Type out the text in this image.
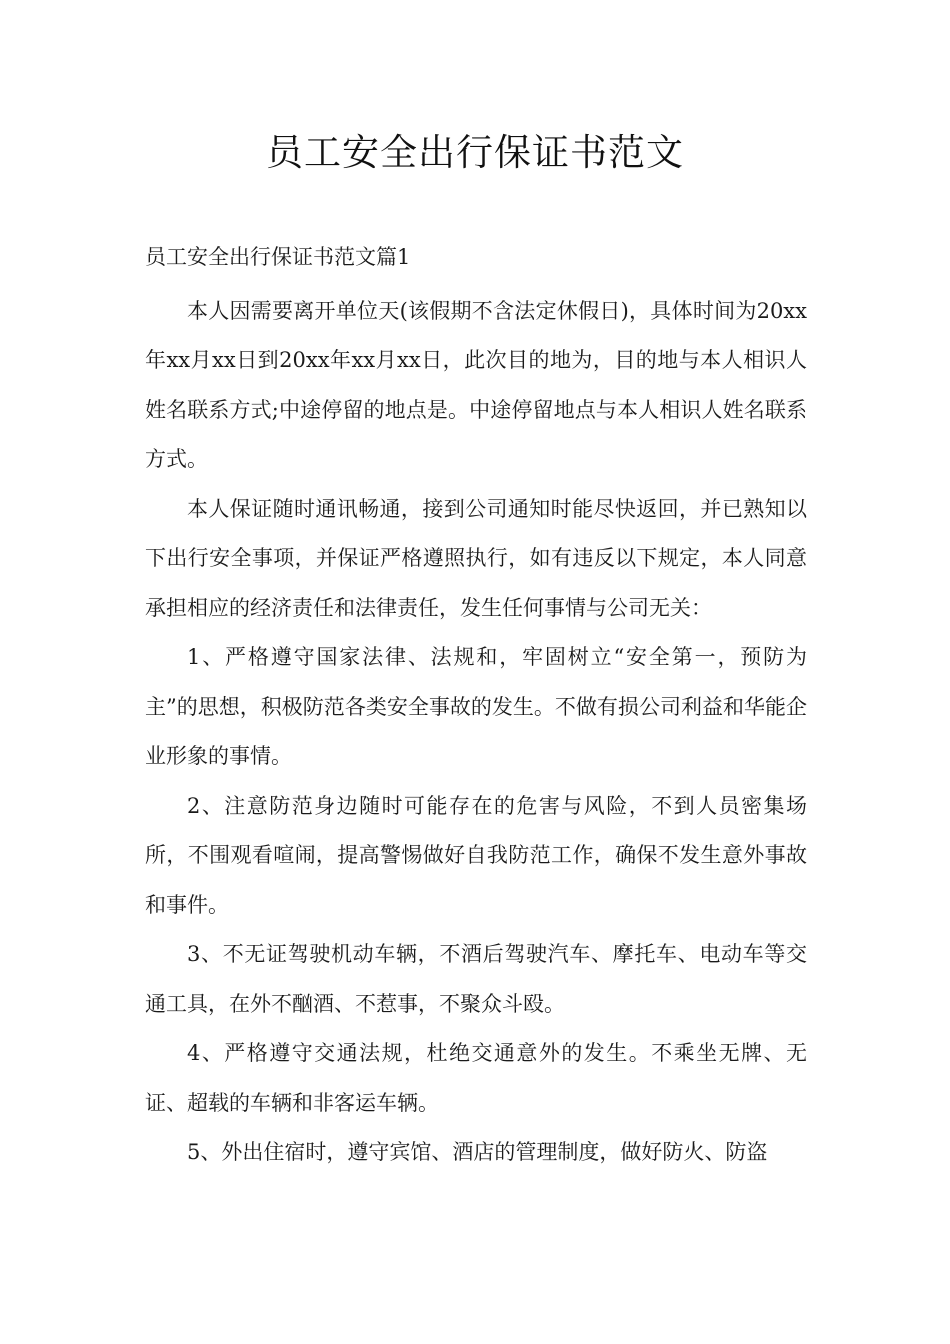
员工安全出行保证书范文

员工安全出行保证书范文篇1

本人因需要离开单位天(该假期不含法定休假日)，具体时间为20xx年xx月xx日到20xx年xx月xx日，此次目的地为，目的地与本人相识人姓名联系方式;中途停留的地点是。中途停留地点与本人相识人姓名联系方式。

本人保证随时通讯畅通，接到公司通知时能尽快返回，并已熟知以下出行安全事项，并保证严格遵照执行，如有违反以下规定，本人同意承担相应的经济责任和法律责任，发生任何事情与公司无关：

1、严格遵守国家法律、法规和，牢固树立“安全第一，预防为主”的思想，积极防范各类安全事故的发生。不做有损公司利益和华能企业形象的事情。

2、注意防范身边随时可能存在的危害与风险，不到人员密集场所，不围观看喧闹，提高警惕做好自我防范工作，确保不发生意外事故和事件。

3、不无证驾驶机动车辆，不酒后驾驶汽车、摩托车、电动车等交通工具，在外不酗酒、不惹事，不聚众斗殴。

4、严格遵守交通法规，杜绝交通意外的发生。不乘坐无牌、无证、超载的车辆和非客运车辆。

5、外出住宿时，遵守宾馆、酒店的管理制度，做好防火、防盗
